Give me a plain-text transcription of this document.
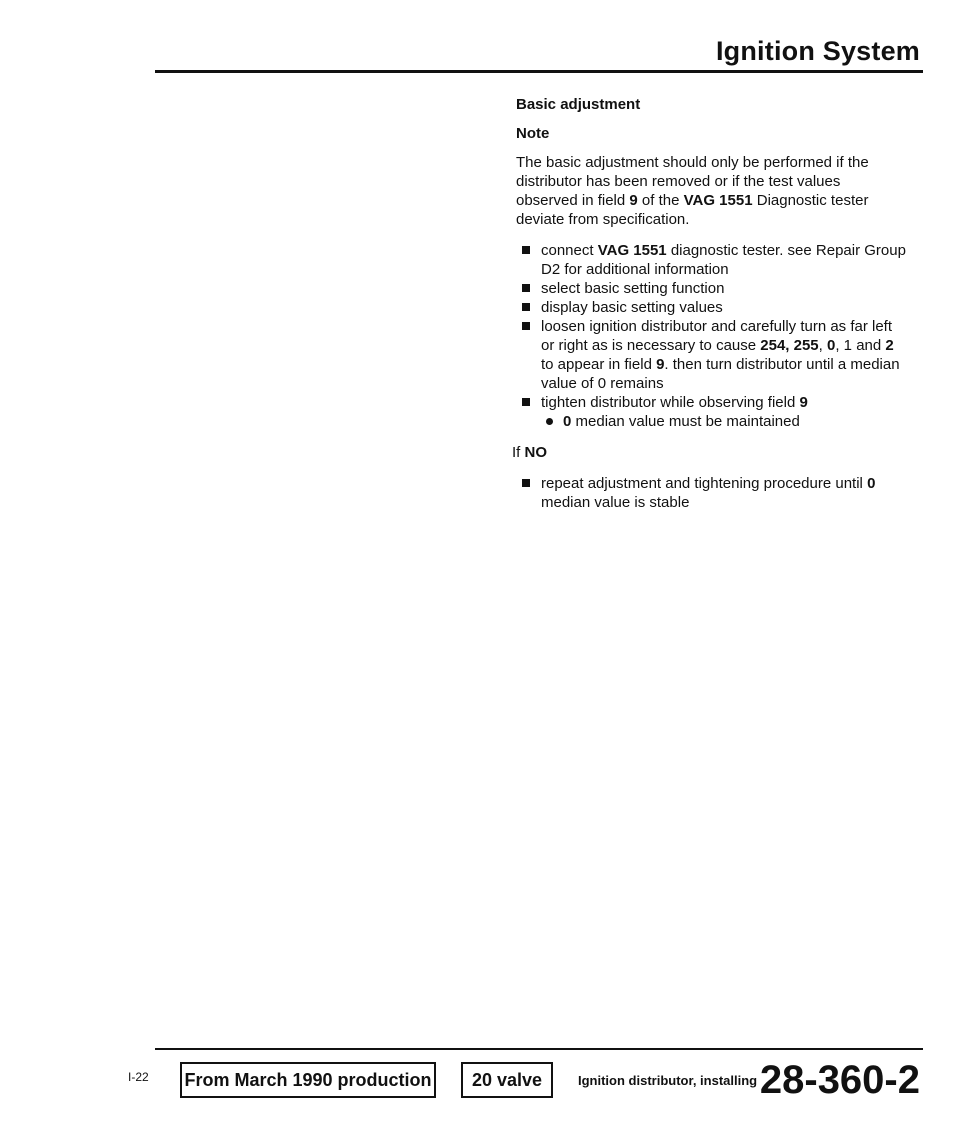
Ignition System
Basic adjustment
Note

The basic adjustment should only be performed if the distributor has been removed or if the test values observed in field 9 of the VAG 1551 Diagnostic tester deviate from specification.

connect VAG 1551 diagnostic tester. see Repair Group D2 for additional information
select basic setting function
display basic setting values
loosen ignition distributor and carefully turn as far left or right as is necessary to cause 254, 255, 0, 1 and 2 to appear in field 9. then turn distributor until a median value of 0 remains
tighten distributor while observing field 9
0 median value must be maintained
If NO
repeat adjustment and tightening procedure until 0 median value is stable
I-22 From March 1990 production	20 valve	Ignition distributor, installing 28-360-2
